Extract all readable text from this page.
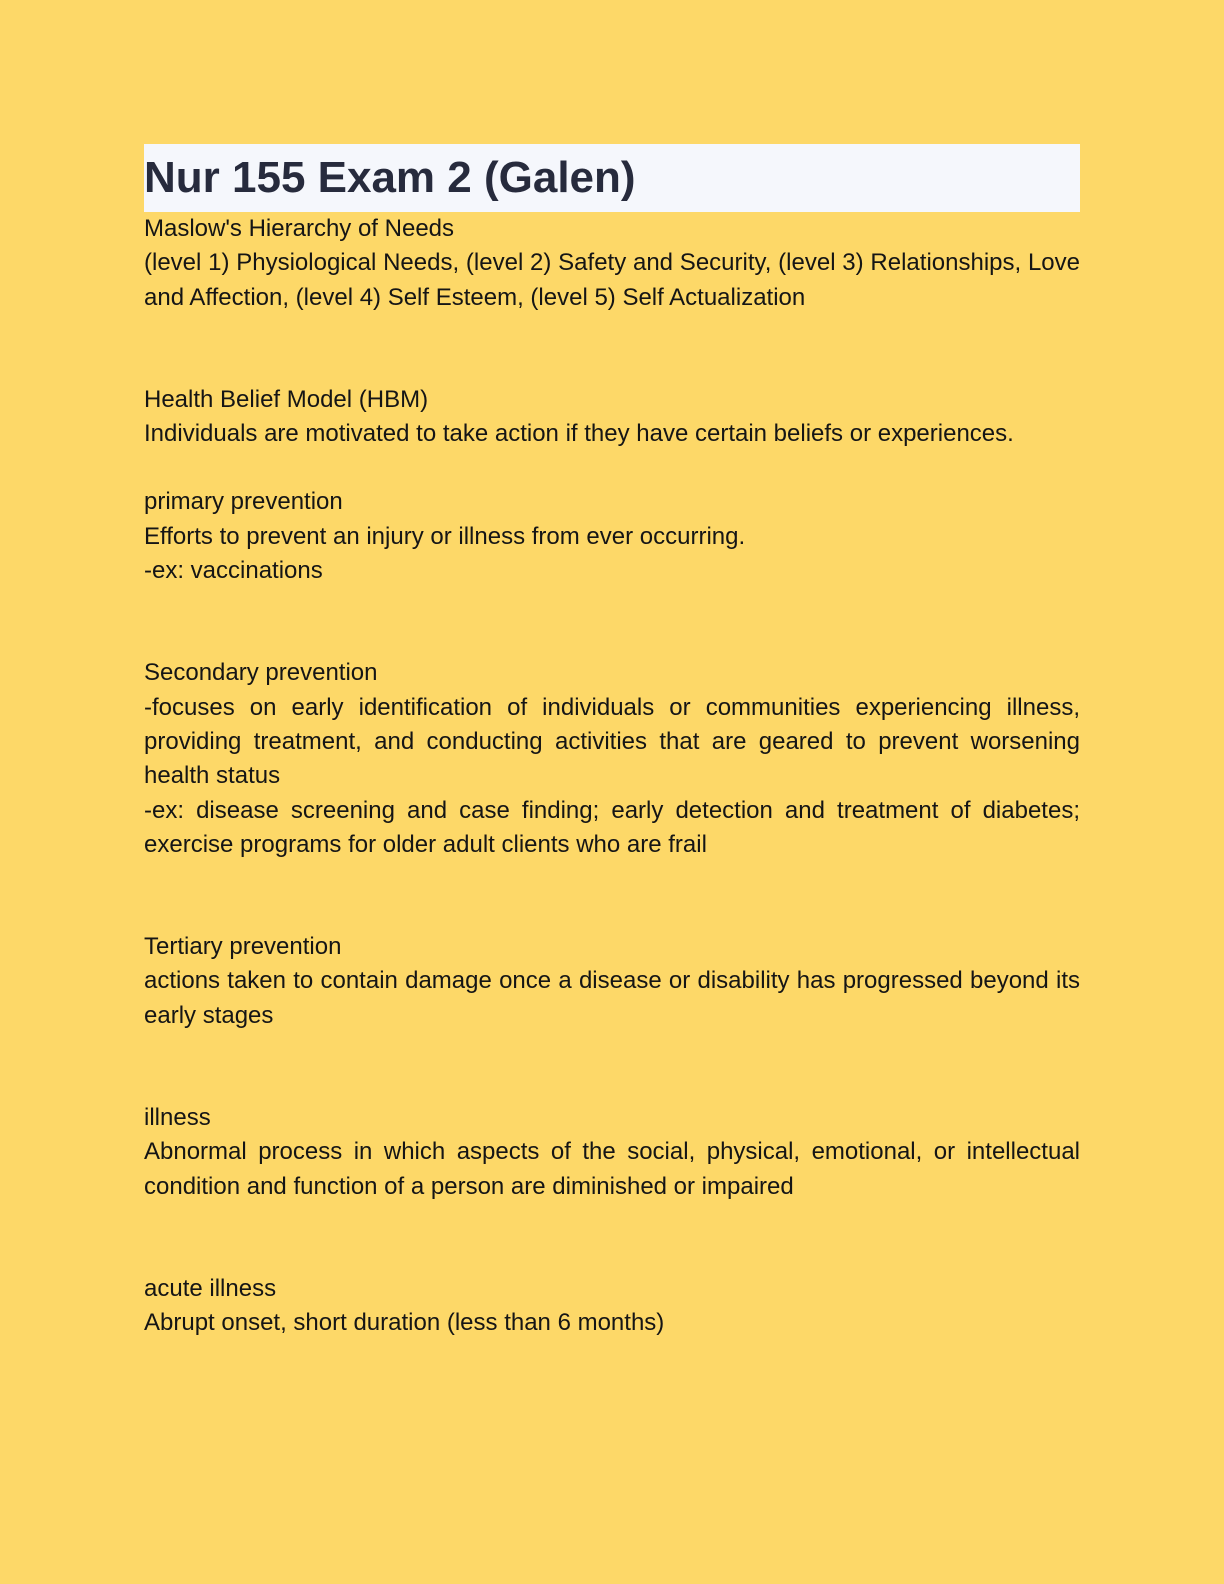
Nur 155 Exam 2 (Galen)
Maslow's Hierarchy of Needs
(level 1) Physiological Needs, (level 2) Safety and Security, (level 3) Relationships, Love and Affection, (level 4) Self Esteem, (level 5) Self Actualization
Health Belief Model (HBM)
Individuals are motivated to take action if they have certain beliefs or experiences.
primary prevention
Efforts to prevent an injury or illness from ever occurring.
-ex: vaccinations
Secondary prevention
-focuses on early identification of individuals or communities experiencing illness, providing treatment, and conducting activities that are geared to prevent worsening health status
-ex: disease screening and case finding; early detection and treatment of diabetes; exercise programs for older adult clients who are frail
Tertiary prevention
actions taken to contain damage once a disease or disability has progressed beyond its early stages
illness
Abnormal process in which aspects of the social, physical, emotional, or intellectual condition and function of a person are diminished or impaired
acute illness
Abrupt onset, short duration (less than 6 months)
